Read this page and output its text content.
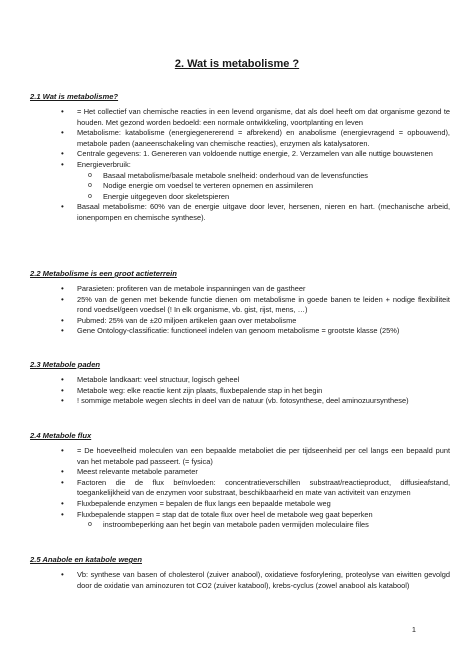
2. Wat is metabolisme ?
2.1 Wat is metabolisme?
• = Het collectief van chemische reacties in een levend organisme, dat als doel heeft om dat organisme gezond te houden. Met gezond worden bedoeld: een normale ontwikkeling, voortplanting en leven
• Metabolisme: katabolisme (energiegenererend = afbrekend) en anabolisme (energievragend = opbouwend), metabole paden (aaneenschakeling van chemische reacties), enzymen als katalysatoren.
• Centrale gegevens: 1. Genereren van voldoende nuttige energie, 2. Verzamelen van alle nuttige bouwstenen
• Energieverbruik:
o Basaal metabolisme/basale metabole snelheid: onderhoud van de levensfuncties
o Nodige energie om voedsel te verteren opnemen en assimileren
o Energie uitgegeven door skeletspieren
• Basaal metabolisme: 60% van de energie uitgave door lever, hersenen, nieren en hart. (mechanische arbeid, ionenpompen en chemische synthese).
2.2 Metabolisme is een groot actieterrein
• Parasieten: profiteren van de metabole inspanningen van de gastheer
• 25% van de genen met bekende functie dienen om metabolisme in goede banen te leiden + nodige flexibiliteit rond voedsel/geen voedsel (! In elk organisme, vb. gist, rijst, mens, …)
• Pubmed: 25% van de ±20 miljoen artikelen gaan over metabolisme
• Gene Ontology-classificatie: functioneel indelen van genoom metabolisme = grootste klasse (25%)
2.3 Metabole paden
• Metabole landkaart: veel structuur, logisch geheel
• Metabole weg: elke reactie kent zijn plaats, fluxbepalende stap in het begin
• ! sommige metabole wegen slechts in deel van de natuur (vb. fotosynthese, deel aminozuursynthese)
2.4 Metabole flux
• = De hoeveelheid moleculen van een bepaalde metaboliet die per tijdseenheid per cel langs een bepaald punt van het metabole pad passeert. (= fysica)
• Meest relevante metabole parameter
• Factoren die de flux beïnvloeden: concentratieverschillen substraat/reactieproduct, diffusieafstand, toegankelijkheid van de enzymen voor substraat, beschikbaarheid en mate van activiteit van enzymen
• Fluxbepalende enzymen = bepalen de flux langs een bepaalde metabole weg
• Fluxbepalende stappen = stap dat de totale flux over heel de metabole weg gaat beperken
o instroombeperking aan het begin van metabole paden vermijden moleculaire files
2.5 Anabole en katabole wegen
• Vb: synthese van basen of cholesterol (zuiver anabool), oxidatieve fosforylering, proteolyse van eiwitten gevolgd door de oxidatie van aminozuren tot CO2 (zuiver katabool), krebs-cyclus (zowel anabool als katabool)
1
